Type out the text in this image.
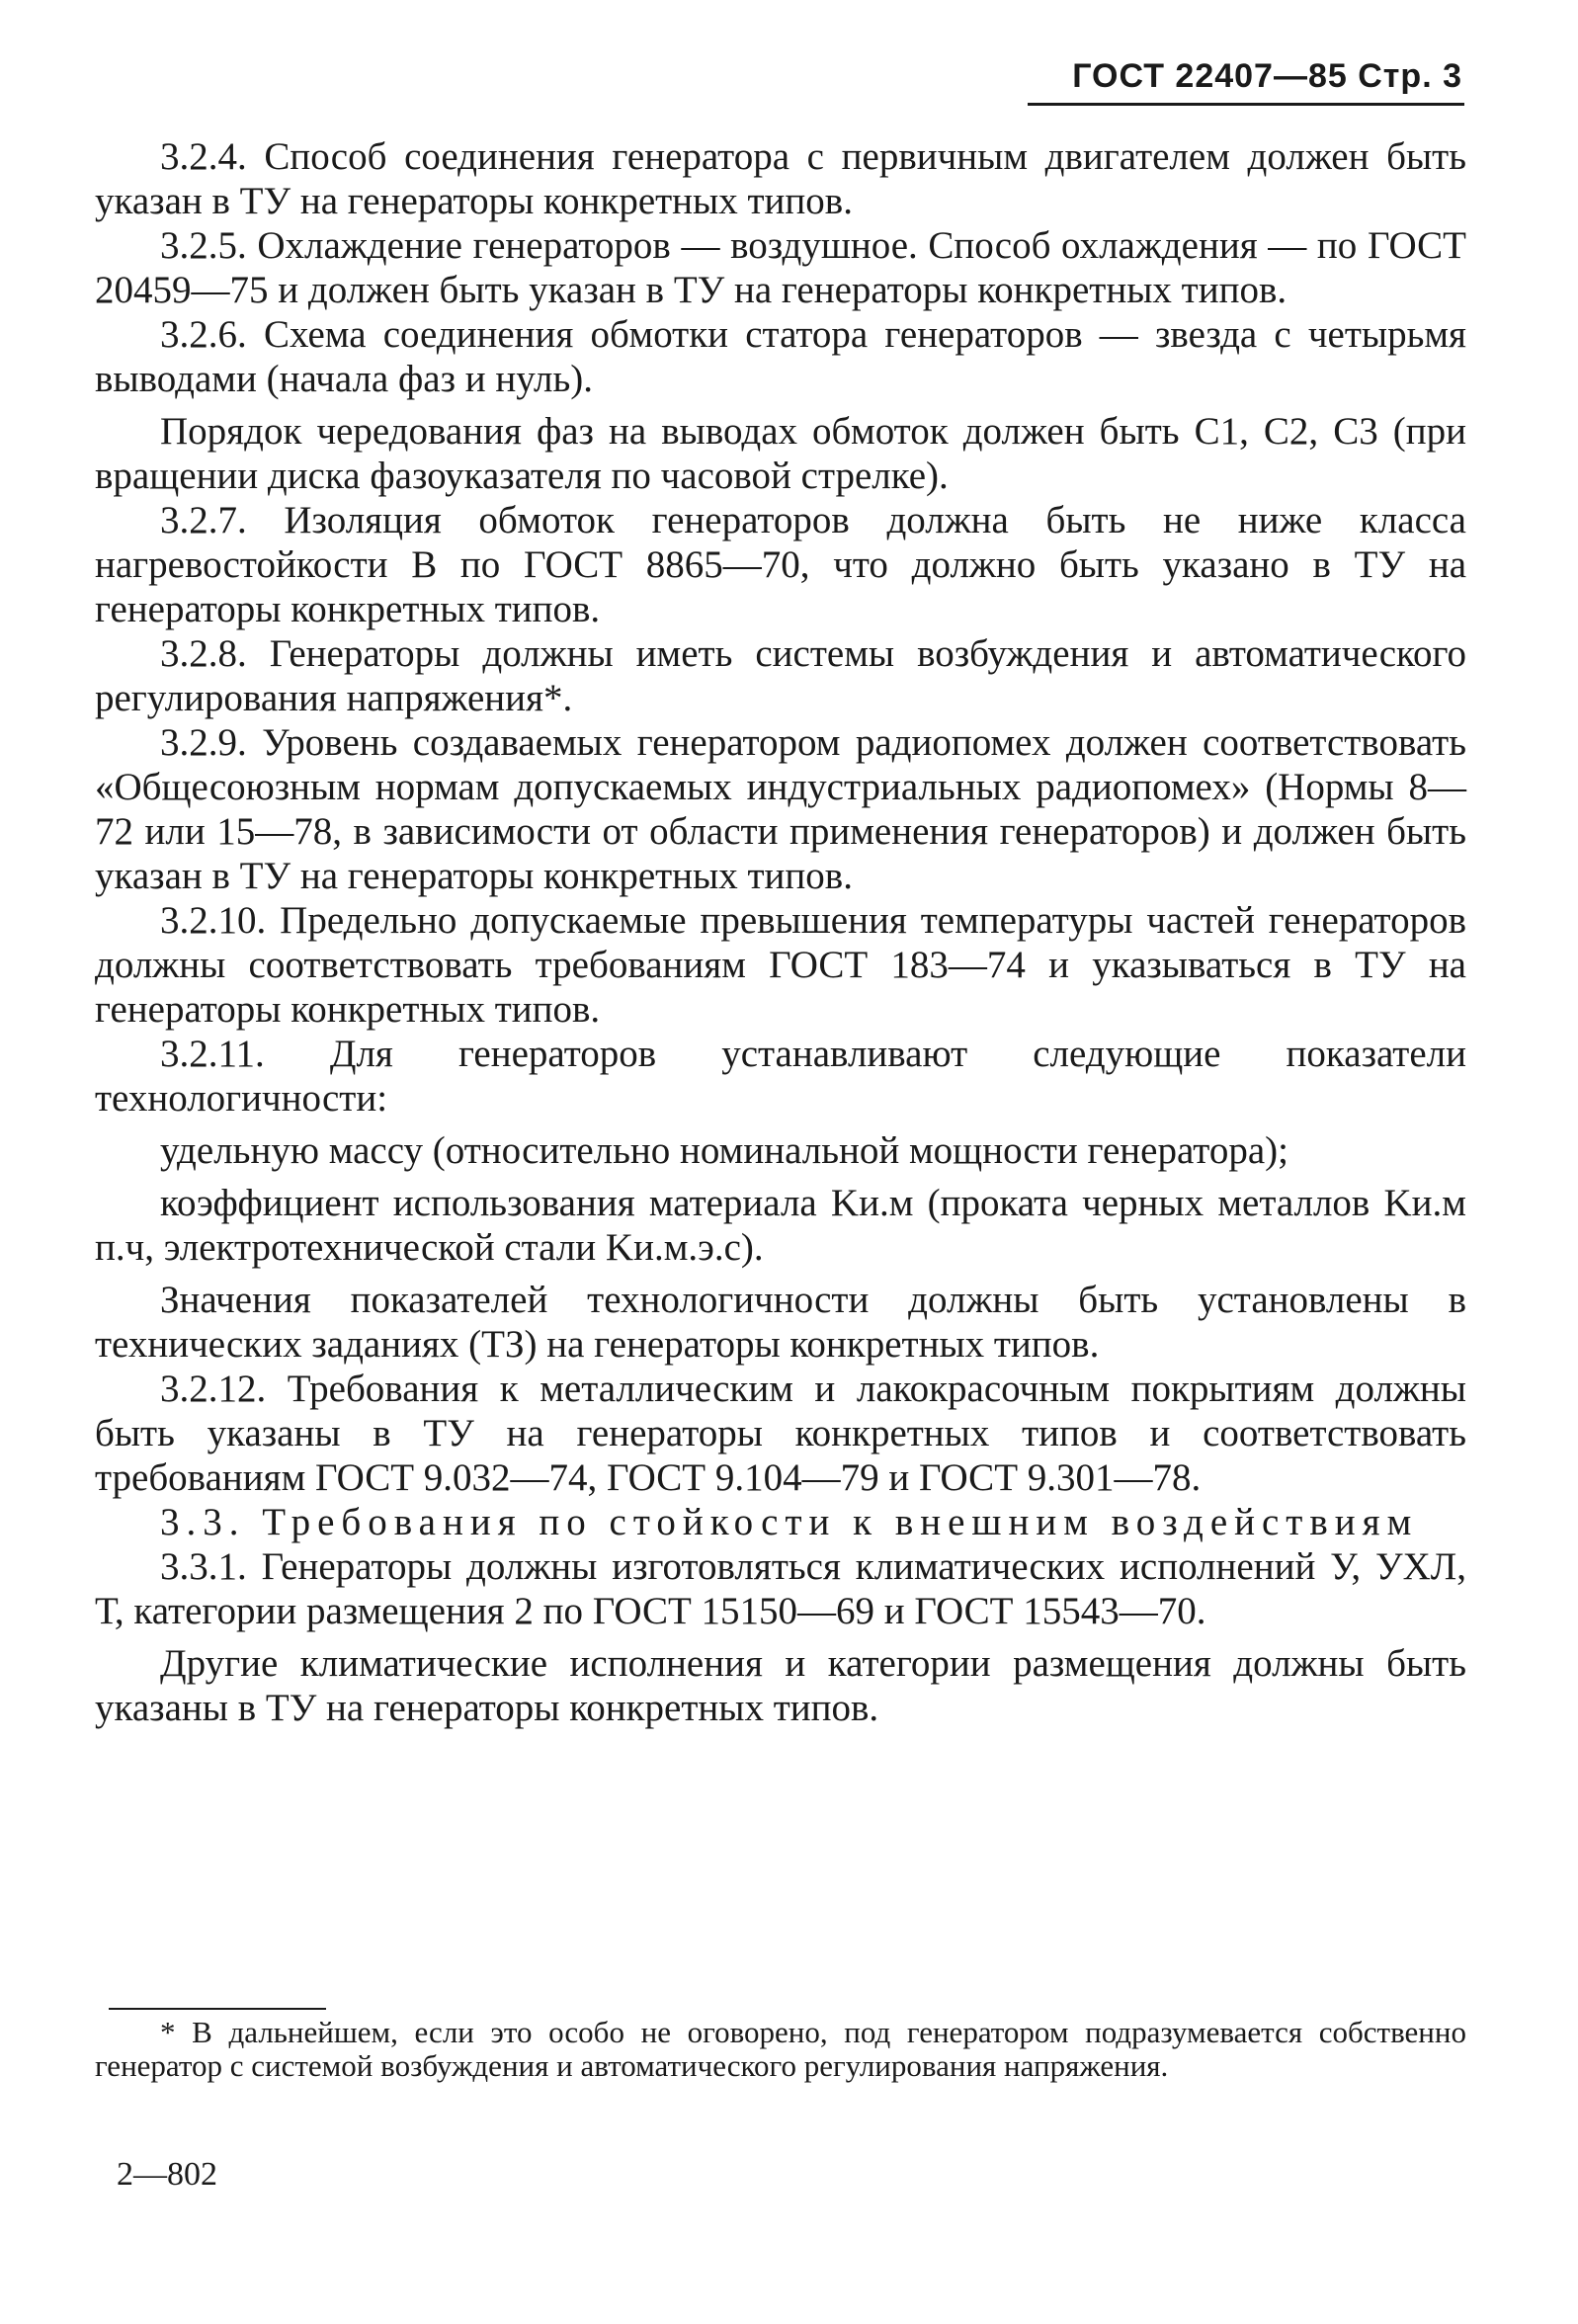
ГОСТ 22407—85 Стр. 3

3.2.4. Способ соединения генератора с первичным двигателем должен быть указан в ТУ на генераторы конкретных типов.

3.2.5. Охлаждение генераторов — воздушное. Способ охлаждения — по ГОСТ 20459—75 и должен быть указан в ТУ на генераторы конкретных типов.

3.2.6. Схема соединения обмотки статора генераторов — звезда с четырьмя выводами (начала фаз и нуль).

Порядок чередования фаз на выводах обмоток должен быть С1, С2, С3 (при вращении диска фазоуказателя по часовой стрелке).

3.2.7. Изоляция обмоток генераторов должна быть не ниже класса нагревостойкости В по ГОСТ 8865—70, что должно быть указано в ТУ на генераторы конкретных типов.

3.2.8. Генераторы должны иметь системы возбуждения и автоматического регулирования напряжения*.

3.2.9. Уровень создаваемых генератором радиопомех должен соответствовать «Общесоюзным нормам допускаемых индустриальных радиопомех» (Нормы 8—72 или 15—78, в зависимости от области применения генераторов) и должен быть указан в ТУ на генераторы конкретных типов.

3.2.10. Предельно допускаемые превышения температуры частей генераторов должны соответствовать требованиям ГОСТ 183—74 и указываться в ТУ на генераторы конкретных типов.

3.2.11. Для генераторов устанавливают следующие показатели технологичности:

удельную массу (относительно номинальной мощности генератора);

коэффициент использования материала Kи.м (проката черных металлов Kи.м п.ч, электротехнической стали Kи.м.э.с).

Значения показателей технологичности должны быть установлены в технических заданиях (ТЗ) на генераторы конкретных типов.

3.2.12. Требования к металлическим и лакокрасочным покрытиям должны быть указаны в ТУ на генераторы конкретных типов и соответствовать требованиям ГОСТ 9.032—74, ГОСТ 9.104—79 и ГОСТ 9.301—78.

3.3. Требования по стойкости к внешним воздействиям

3.3.1. Генераторы должны изготовляться климатических исполнений У, УХЛ, Т, категории размещения 2 по ГОСТ 15150—69 и ГОСТ 15543—70.

Другие климатические исполнения и категории размещения должны быть указаны в ТУ на генераторы конкретных типов.

* В дальнейшем, если это особо не оговорено, под генератором подразумевается собственно генератор с системой возбуждения и автоматического регулирования напряжения.
2—802
